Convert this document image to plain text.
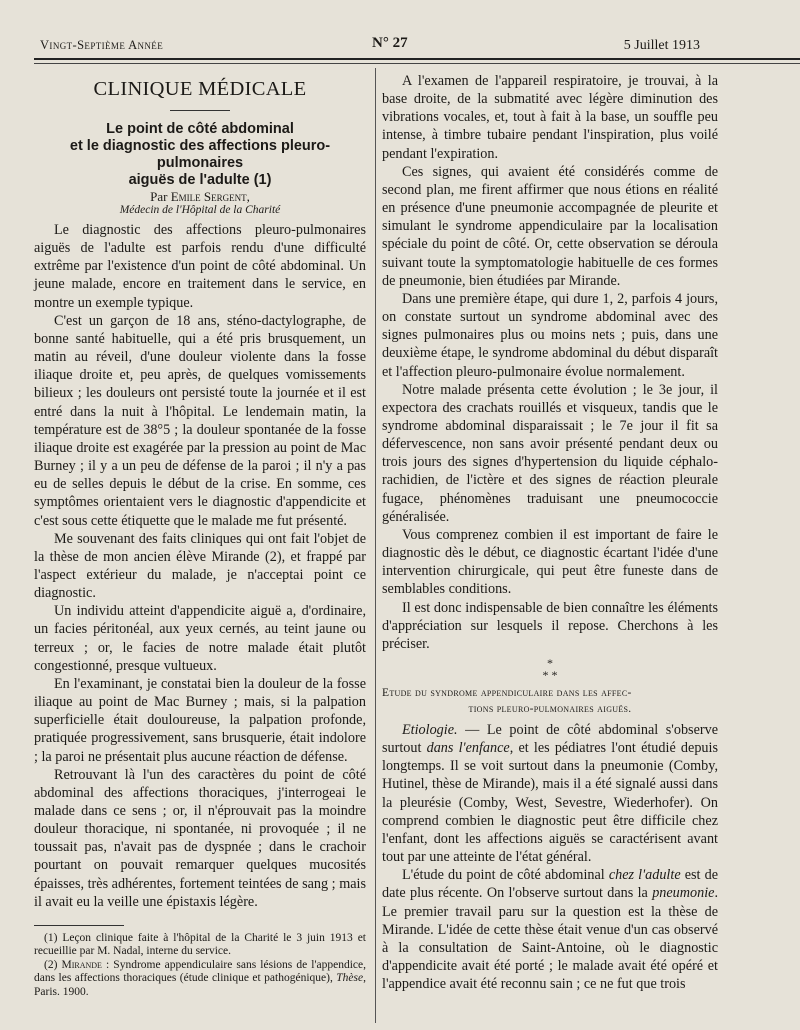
Vingt-Septième Année	N° 27	5 Juillet 1913
CLINIQUE MÉDICALE
Le point de côté abdominal
et le diagnostic des affections pleuro-pulmonaires
aiguës de l'adulte (1)
Par Emile Sergent,
Médecin de l'Hôpital de la Charité

Le diagnostic des affections pleuro-pulmonaires aiguës de l'adulte est parfois rendu d'une difficulté extrême par l'existence d'un point de côté abdominal. Un jeune malade, encore en traitement dans le service, en montre un exemple typique.

C'est un garçon de 18 ans, sténo-dactylographe, de bonne santé habituelle, qui a été pris brusquement, un matin au réveil, d'une douleur violente dans la fosse iliaque droite et, peu après, de quelques vomissements bilieux ; les douleurs ont persisté toute la journée et il est entré dans la nuit à l'hôpital. Le lendemain matin, la température est de 38°5 ; la douleur spontanée de la fosse iliaque droite est exagérée par la pression au point de Mac Burney ; il y a un peu de défense de la paroi ; il n'y a pas eu de selles depuis le début de la crise. En somme, ces symptômes orientaient vers le diagnostic d'appendicite et c'est sous cette étiquette que le malade me fut présenté.

Me souvenant des faits cliniques qui ont fait l'objet de la thèse de mon ancien élève Mirande (2), et frappé par l'aspect extérieur du malade, je n'acceptai point ce diagnostic.

Un individu atteint d'appendicite aiguë a, d'ordinaire, un facies péritonéal, aux yeux cernés, au teint jaune ou terreux ; or, le facies de notre malade était plutôt congestionné, presque vultueux.

En l'examinant, je constatai bien la douleur de la fosse iliaque au point de Mac Burney ; mais, si la palpation superficielle était douloureuse, la palpation profonde, pratiquée progressivement, sans brusquerie, était indolore ; la paroi ne présentait plus aucune réaction de défense.

Retrouvant là l'un des caractères du point de côté abdominal des affections thoraciques, j'interrogeai le malade dans ce sens ; or, il n'éprouvait pas la moindre douleur thoracique, ni spontanée, ni provoquée ; il ne toussait pas, n'avait pas de dyspnée ; dans le crachoir pourtant on pouvait remarquer quelques mucosités épaisses, très adhérentes, fortement teintées de sang ; mais il avait eu la veille une épistaxis légère.

(1) Leçon clinique faite à l'hôpital de la Charité le 3 juin 1913 et recueillie par M. Nadal, interne du service.

(2) Mirande : Syndrome appendiculaire sans lésions de l'appendice, dans les affections thoraciques (étude clinique et pathogénique), Thèse, Paris. 1900.

A l'examen de l'appareil respiratoire, je trouvai, à la base droite, de la submatité avec légère diminution des vibrations vocales, et, tout à fait à la base, un souffle peu intense, à timbre tubaire pendant l'inspiration, plus voilé pendant l'expiration.

Ces signes, qui avaient été considérés comme de second plan, me firent affirmer que nous étions en réalité en présence d'une pneumonie accompagnée de pleurite et simulant le syndrome appendiculaire par la localisation spéciale du point de côté. Or, cette observation se déroula suivant toute la symptomatologie habituelle de ces formes de pneumonie, bien étudiées par Mirande.

Dans une première étape, qui dure 1, 2, parfois 4 jours, on constate surtout un syndrome abdominal avec des signes pulmonaires plus ou moins nets ; puis, dans une deuxième étape, le syndrome abdominal du début disparaît et l'affection pleuro-pulmonaire évolue normalement.

Notre malade présenta cette évolution ; le 3e jour, il expectora des crachats rouillés et visqueux, tandis que le syndrome abdominal disparaissait ; le 7e jour il fit sa défervescence, non sans avoir présenté pendant deux ou trois jours des signes d'hypertension du liquide céphalo-rachidien, de l'ictère et des signes de réaction pleurale fugace, phénomènes traduisant une pneumococcie généralisée.

Vous comprenez combien il est important de faire le diagnostic dès le début, ce diagnostic écartant l'idée d'une intervention chirurgicale, qui peut être funeste dans de semblables conditions.

Il est donc indispensable de bien connaître les éléments d'appréciation sur lesquels il repose. Cherchons à les préciser.

*
* *
Etude du syndrome appendiculaire dans les affec-
tions pleuro-pulmonaires aiguës.

Etiologie. — Le point de côté abdominal s'observe surtout dans l'enfance, et les pédiatres l'ont étudié depuis longtemps. Il se voit surtout dans la pneumonie (Comby, Hutinel, thèse de Mirande), mais il a été signalé aussi dans la pleurésie (Comby, West, Sevestre, Wiederhofer). On comprend combien le diagnostic peut être difficile chez l'enfant, dont les affections aiguës se caractérisent avant tout par une atteinte de l'état général.

L'étude du point de côté abdominal chez l'adulte est de date plus récente. On l'observe surtout dans la pneumonie. Le premier travail paru sur la question est la thèse de Mirande. L'idée de cette thèse était venue d'un cas observé à la consultation de Saint-Antoine, où le diagnostic d'appendicite avait été porté ; le malade avait été opéré et l'appendice avait été reconnu sain ; ce ne fut que trois
